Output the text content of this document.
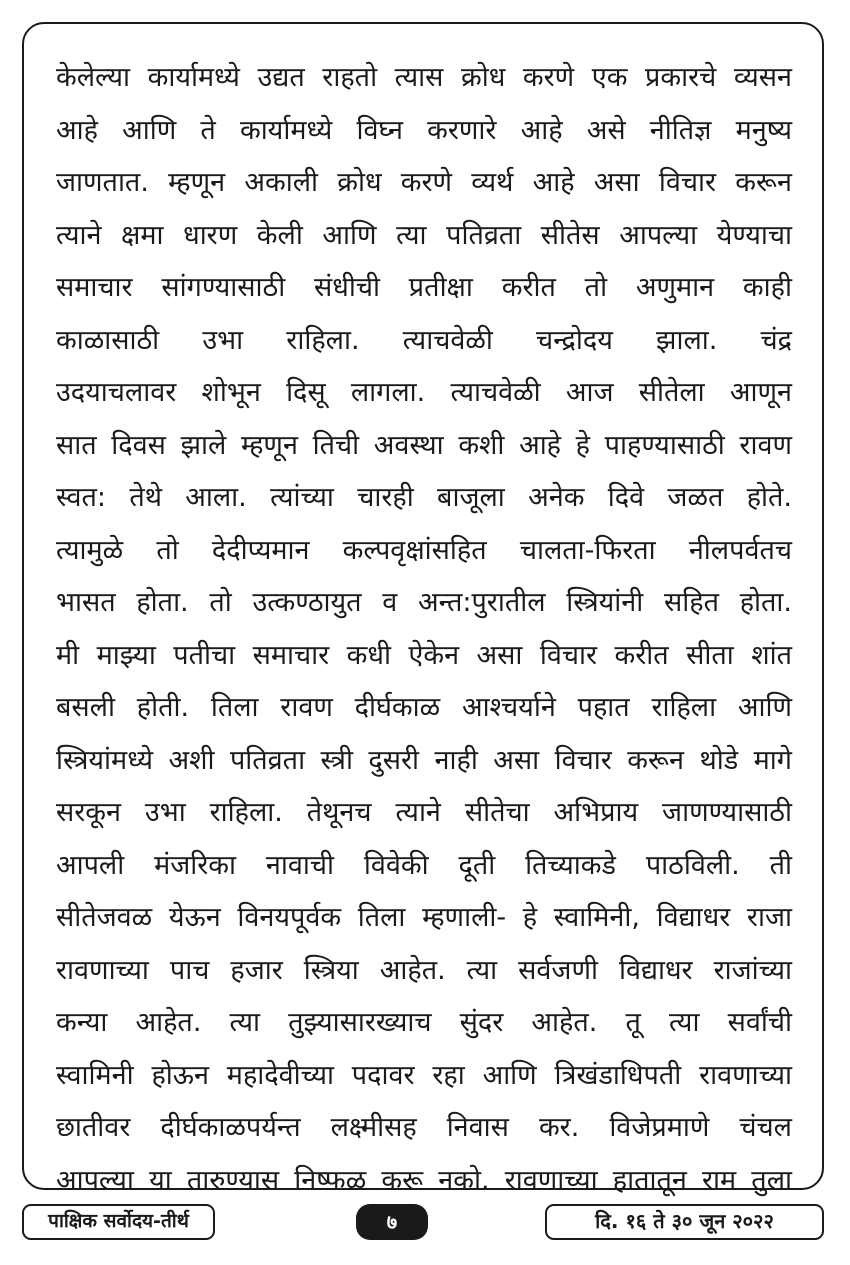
केलेल्या कार्यामध्ये उद्यत राहतो त्यास क्रोध करणे एक प्रकारचे व्यसन
आहे आणि ते कार्यामध्ये विघ्न करणारे आहे असे नीतिज्ञ मनुष्य
जाणतात. म्हणून अकाली क्रोध करणे व्यर्थ आहे असा विचार करून
त्याने क्षमा धारण केली आणि त्या पतिव्रता सीतेस आपल्या येण्याचा
समाचार सांगण्यासाठी संधीची प्रतीक्षा करीत तो अणुमान काही
काळासाठी उभा राहिला. त्याचवेळी चन्द्रोदय झाला. चंद्र
उदयाचलावर शोभून दिसू लागला. त्याचवेळी आज सीतेला आणून
सात दिवस झाले म्हणून तिची अवस्था कशी आहे हे पाहण्यासाठी रावण
स्वत: तेथे आला. त्यांच्या चारही बाजूला अनेक दिवे जळत होते.
त्यामुळे तो देदीप्यमान कल्पवृक्षांसहित चालता-फिरता नीलपर्वतच
भासत होता. तो उत्कण्ठायुत व अन्त:पुरातील स्त्रियांनी सहित होता.
मी माझ्या पतीचा समाचार कधी ऐकेन असा विचार करीत सीता शांत
बसली होती. तिला रावण दीर्घकाळ आश्चर्याने पहात राहिला आणि
स्त्रियांमध्ये अशी पतिव्रता स्त्री दुसरी नाही असा विचार करून थोडे मागे
सरकून उभा राहिला. तेथूनच त्याने सीतेचा अभिप्राय जाणण्यासाठी
आपली मंजरिका नावाची विवेकी दूती तिच्याकडे पाठविली. ती
सीतेजवळ येऊन विनयपूर्वक तिला म्हणाली- हे स्वामिनी, विद्याधर राजा
रावणाच्या पाच हजार स्त्रिया आहेत. त्या सर्वजणी विद्याधर राजांच्या
कन्या आहेत. त्या तुझ्यासारख्याच सुंदर आहेत. तू त्या सर्वांची
स्वामिनी होऊन महादेवीच्या पदावर रहा आणि त्रिखंडाधिपती रावणाच्या
छातीवर दीर्घकाळपर्यन्त लक्ष्मीसह निवास कर. विजेप्रमाणे चंचल
आपल्या या तारुण्यास निष्फळ करू नको. रावणाच्या हातातून राम तुला
पाक्षिक सर्वोदय-तीर्थ	७	दि. १६ ते ३० जून २०२२
